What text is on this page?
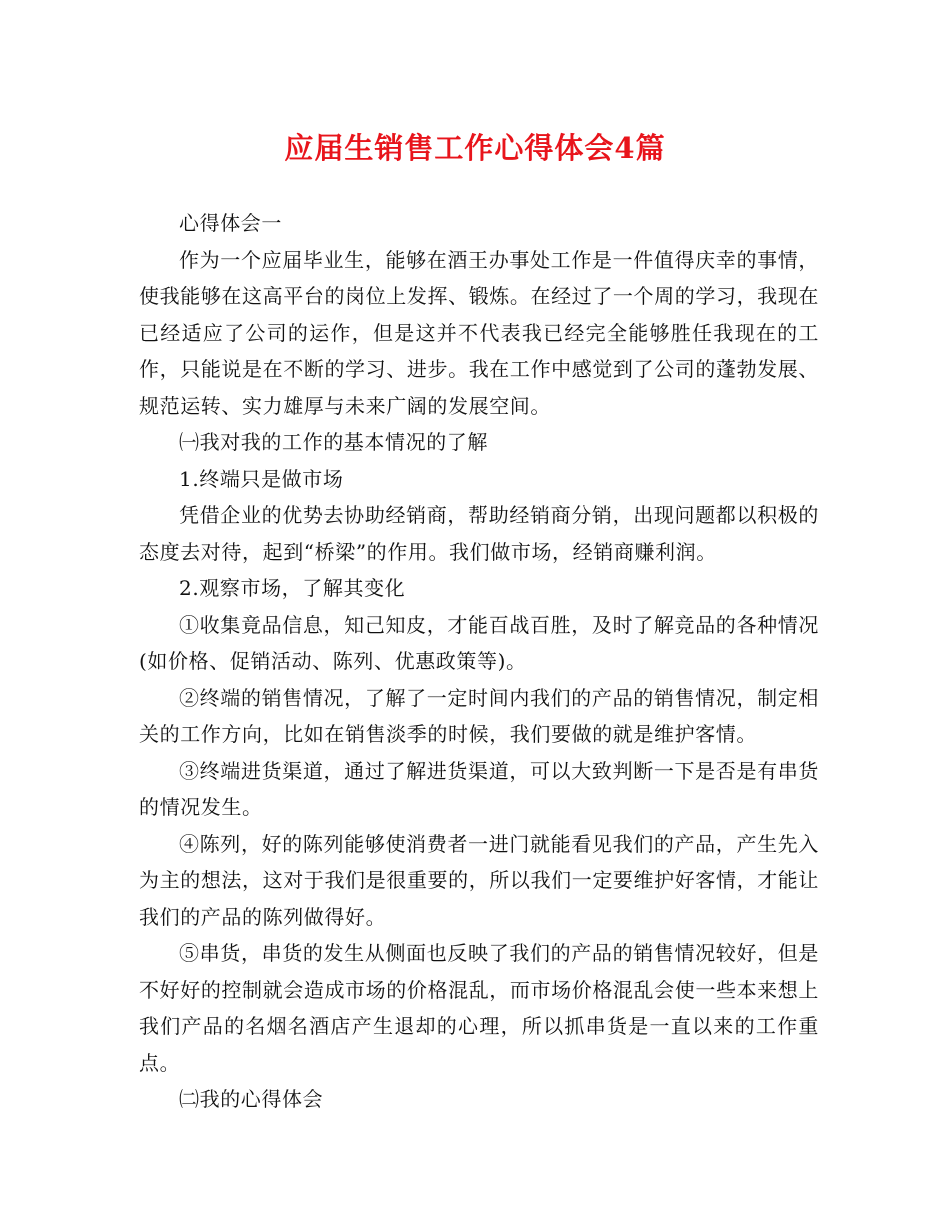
应届生销售工作心得体会4篇

心得体会一

作为一个应届毕业生，能够在酒王办事处工作是一件值得庆幸的事情，使我能够在这高平台的岗位上发挥、锻炼。在经过了一个周的学习，我现在已经适应了公司的运作，但是这并不代表我已经完全能够胜任我现在的工作，只能说是在不断的学习、进步。我在工作中感觉到了公司的蓬勃发展、规范运转、实力雄厚与未来广阔的发展空间。

㈠我对我的工作的基本情况的了解

1.终端只是做市场

凭借企业的优势去协助经销商，帮助经销商分销，出现问题都以积极的态度去对待，起到“桥梁”的作用。我们做市场，经销商赚利润。

2.观察市场，了解其变化

①收集竟品信息，知己知皮，才能百战百胜，及时了解竞品的各种情况(如价格、促销活动、陈列、优惠政策等)。

②终端的销售情况，了解了一定时间内我们的产品的销售情况，制定相关的工作方向，比如在销售淡季的时候，我们要做的就是维护客情。

③终端进货渠道，通过了解进货渠道，可以大致判断一下是否是有串货的情况发生。

④陈列，好的陈列能够使消费者一进门就能看见我们的产品，产生先入为主的想法，这对于我们是很重要的，所以我们一定要维护好客情，才能让我们的产品的陈列做得好。

⑤串货，串货的发生从侧面也反映了我们的产品的销售情况较好，但是不好好的控制就会造成市场的价格混乱，而市场价格混乱会使一些本来想上我们产品的名烟名酒店产生退却的心理，所以抓串货是一直以来的工作重点。

㈡我的心得体会
